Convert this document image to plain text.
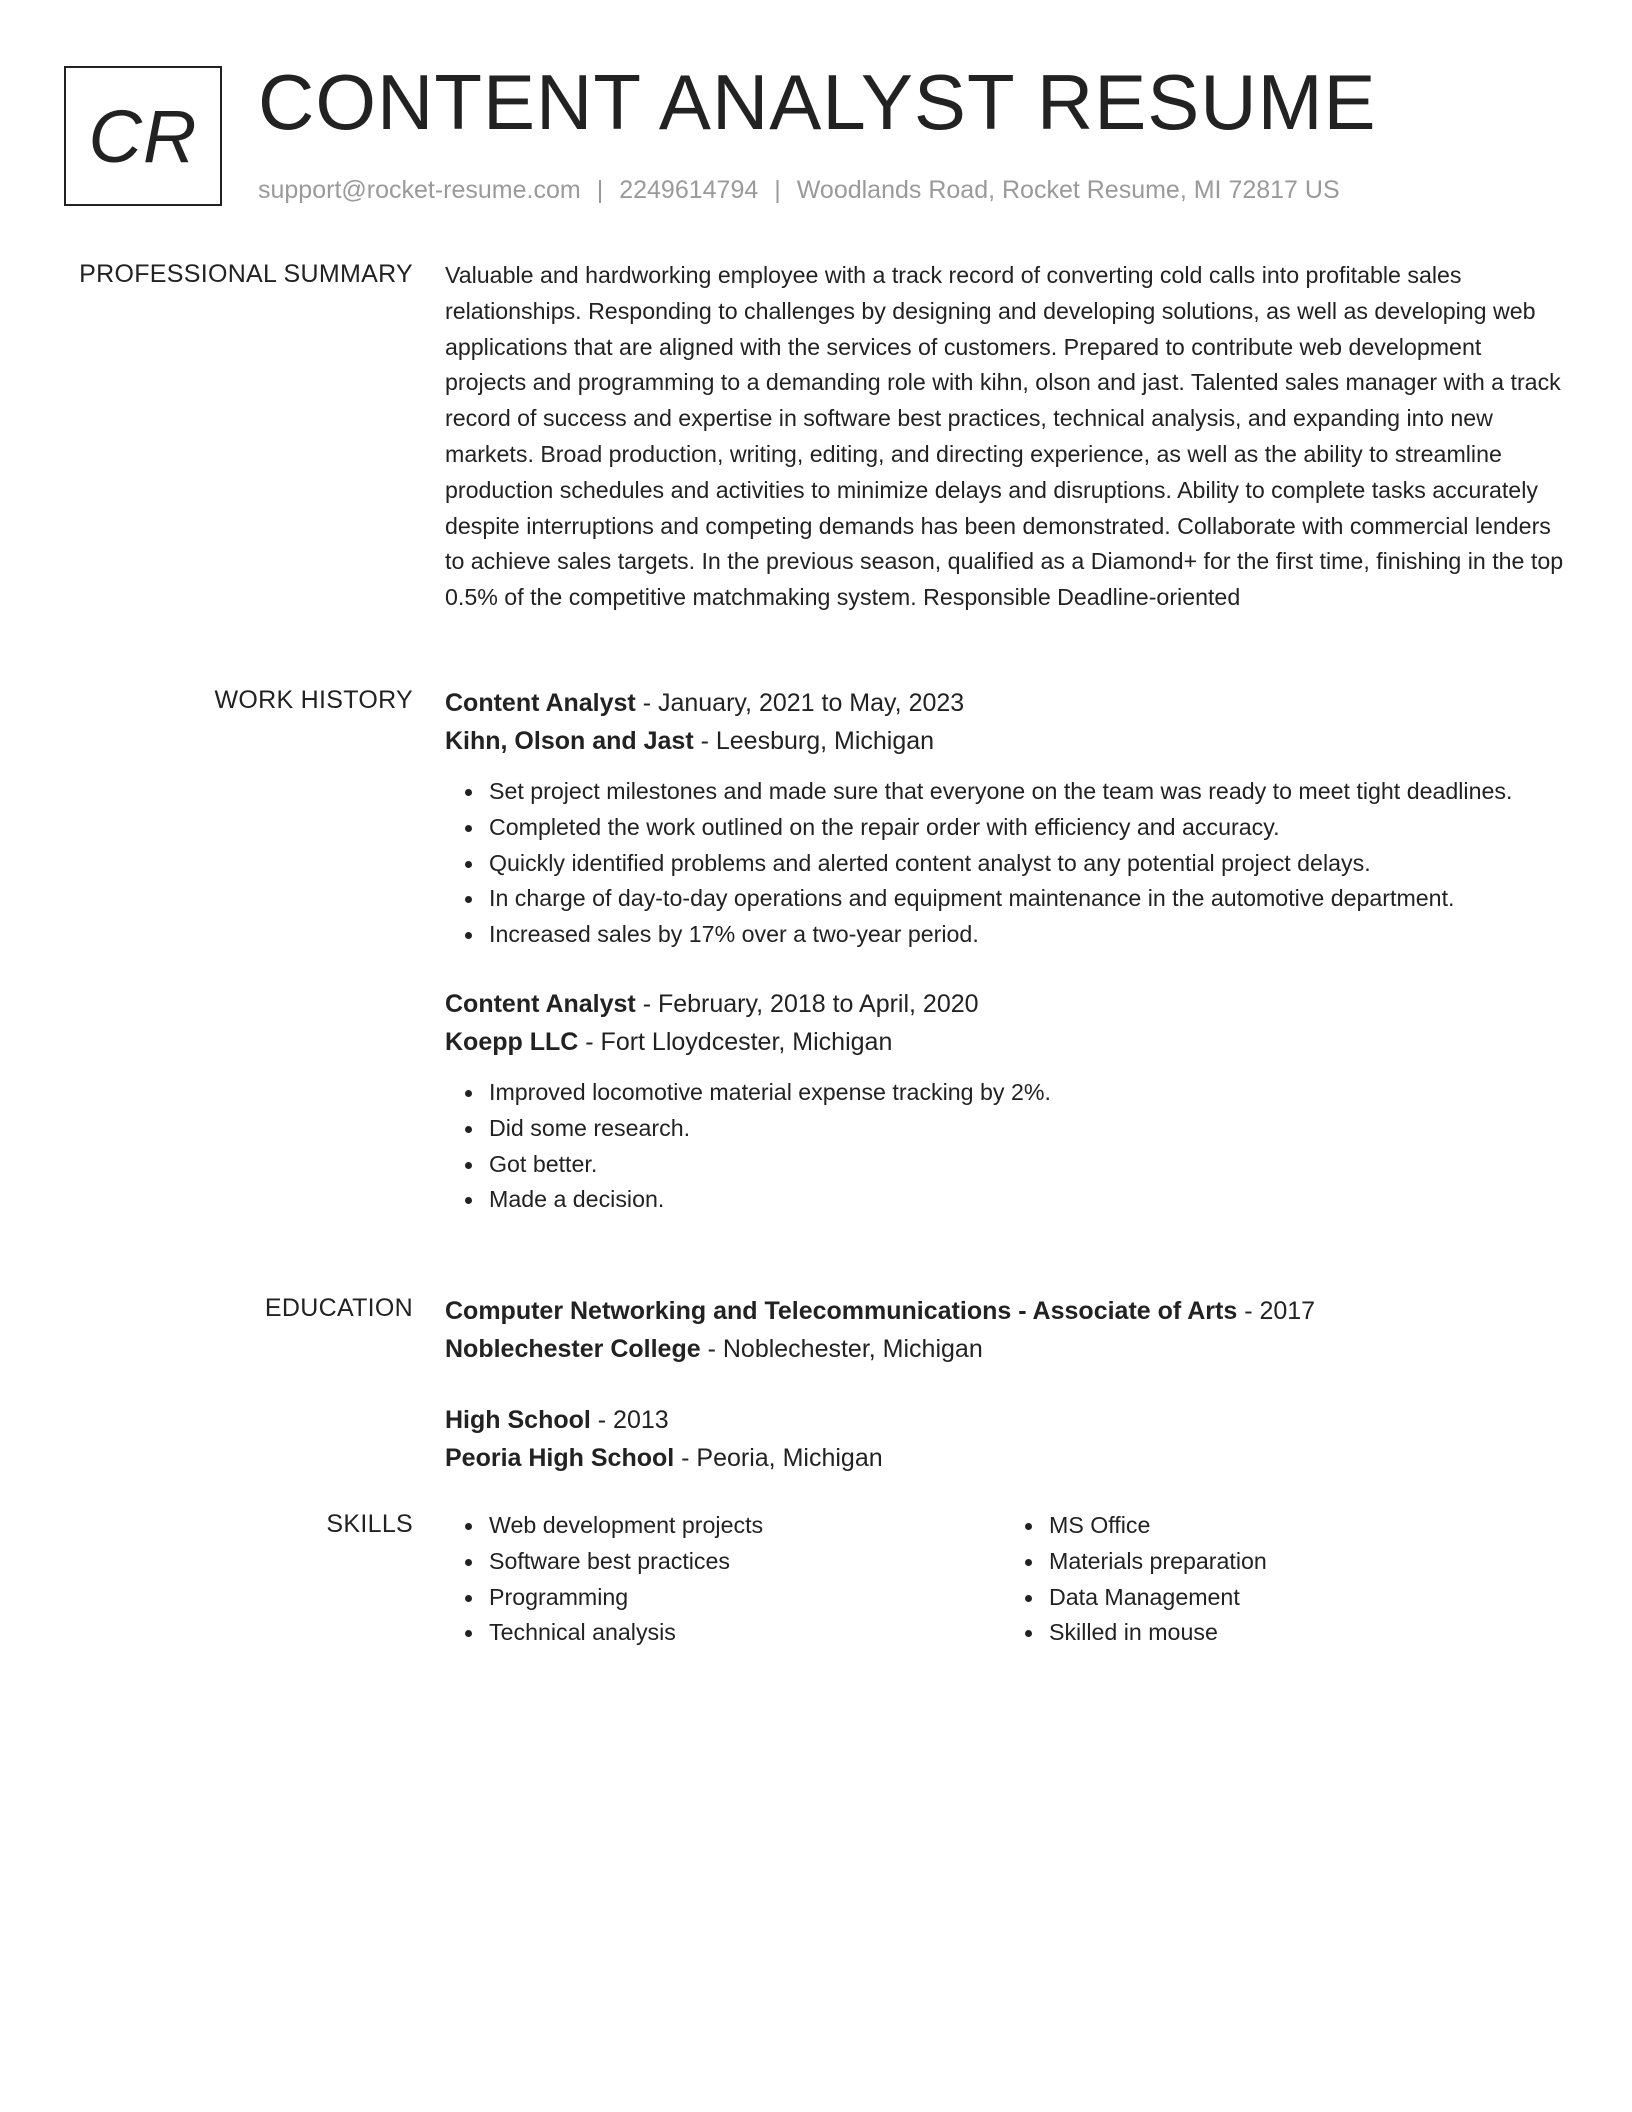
CR CONTENT ANALYST RESUME
support@rocket-resume.com | 2249614794 | Woodlands Road, Rocket Resume, MI 72817 US
PROFESSIONAL SUMMARY Valuable and hardworking employee with a track record of converting cold calls into profitable sales relationships. Responding to challenges by designing and developing solutions, as well as developing web applications that are aligned with the services of customers. Prepared to contribute web development projects and programming to a demanding role with kihn, olson and jast. Talented sales manager with a track record of success and expertise in software best practices, technical analysis, and expanding into new markets. Broad production, writing, editing, and directing experience, as well as the ability to streamline production schedules and activities to minimize delays and disruptions. Ability to complete tasks accurately despite interruptions and competing demands has been demonstrated. Collaborate with commercial lenders to achieve sales targets. In the previous season, qualified as a Diamond+ for the first time, finishing in the top 0.5% of the competitive matchmaking system. Responsible Deadline-oriented

WORK HISTORY Content Analyst - January, 2021 to May, 2023

Kihn, Olson and Jast - Leesburg, Michigan

Set project milestones and made sure that everyone on the team was ready to meet tight deadlines.
Completed the work outlined on the repair order with efficiency and accuracy.
Quickly identified problems and alerted content analyst to any potential project delays.
In charge of day-to-day operations and equipment maintenance in the automotive department.
Increased sales by 17% over a two-year period.

Content Analyst - February, 2018 to April, 2020

Koepp LLC - Fort Lloydcester, Michigan

Improved locomotive material expense tracking by 2%.
Did some research.
Got better.
Made a decision.
EDUCATION Computer Networking and Telecommunications - Associate of Arts - 2017

Noblechester College - Noblechester, Michigan

High School - 2013

Peoria High School - Peoria, Michigan

SKILLS	Web development projects
Software best practices
Programming
Technical analysis
MS Office
Materials preparation
Data Management
Skilled in mouse
